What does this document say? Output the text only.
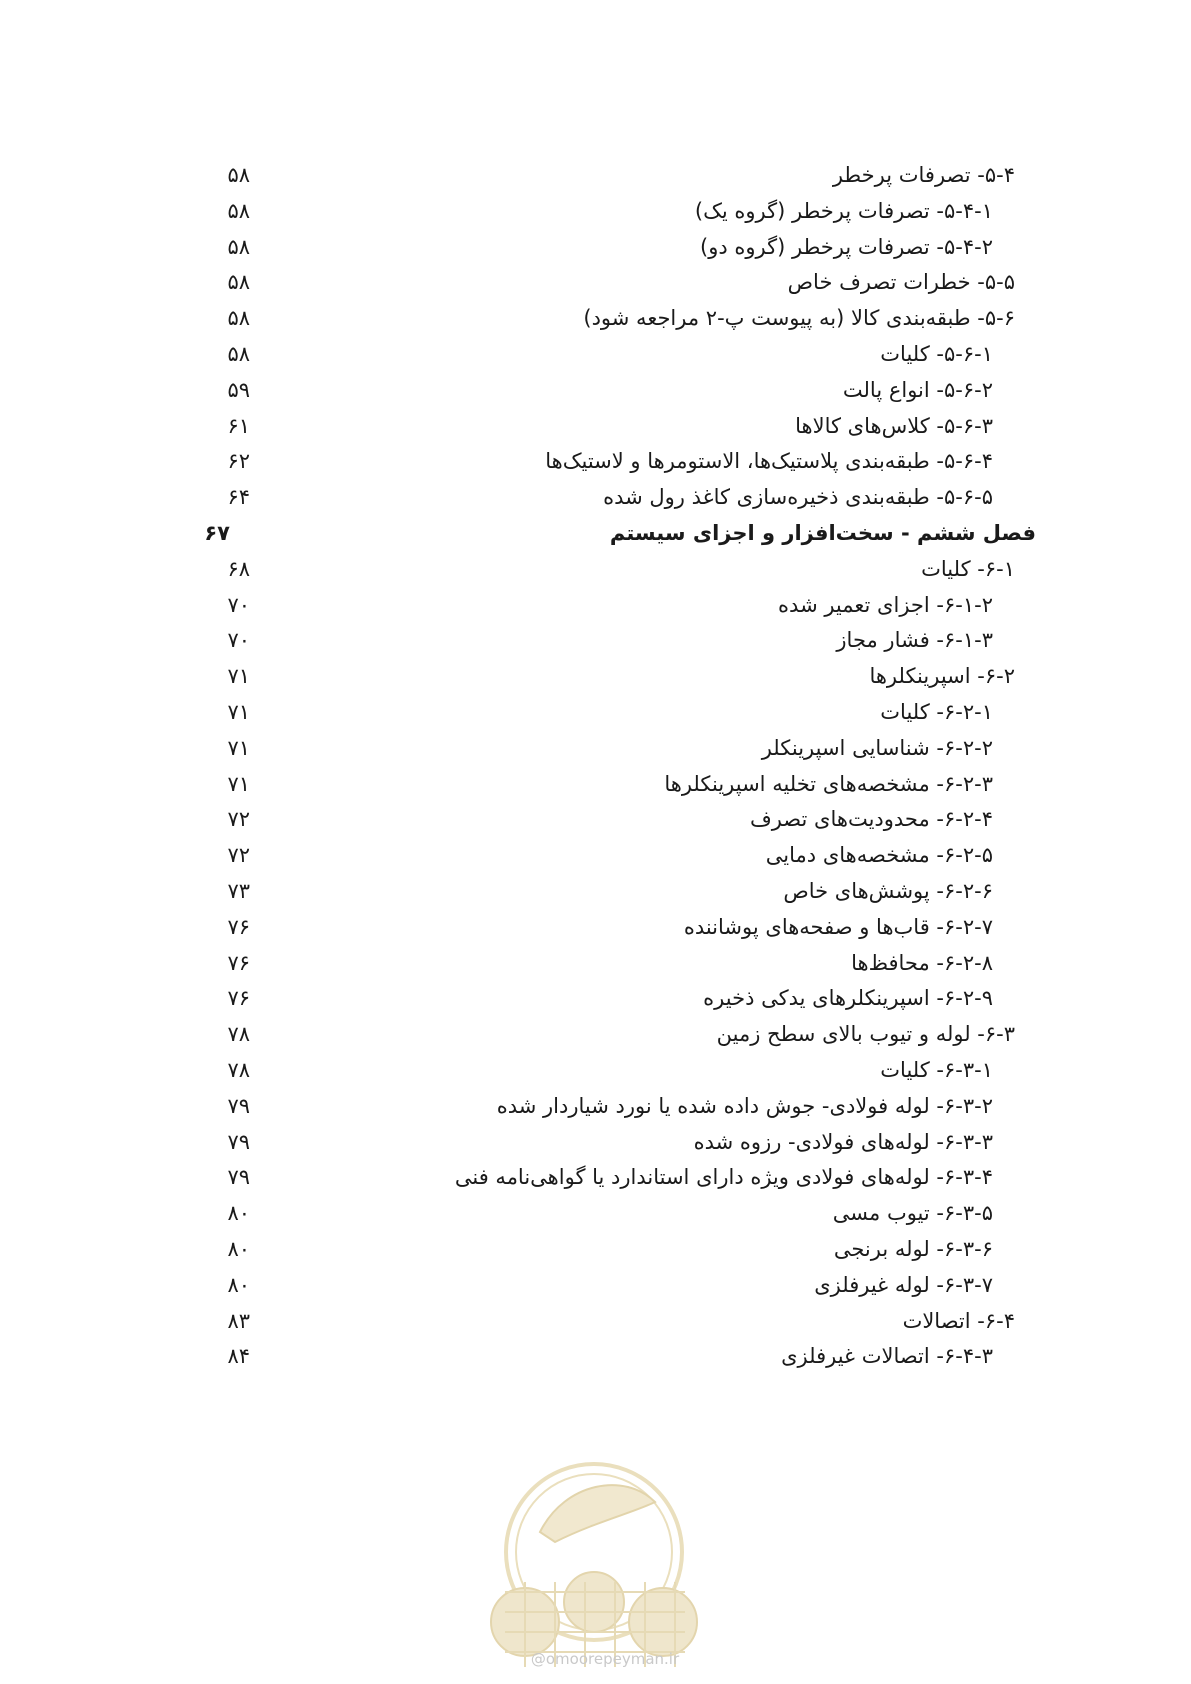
۵-۴- تصرفات پرخطر
۵۸
۵-۴-۱- تصرفات پرخطر (گروه یک)
۵۸
۵-۴-۲- تصرفات پرخطر (گروه دو)
۵۸
۵-۵- خطرات تصرف خاص
۵۸
۵-۶- طبقه‌بندی کالا (به پیوست پ-۲ مراجعه شود)
۵۸
۵-۶-۱- کلیات
۵۸
۵-۶-۲- انواع پالت
۵۹
۵-۶-۳- کلاس‌های کالاها
۶۱
۵-۶-۴- طبقه‌بندی پلاستیک‌ها، الاستومرها و لاستیک‌ها
۶۲
۵-۶-۵- طبقه‌بندی ذخیره‌سازی کاغذ رول شده
۶۴
فصل ششم - سخت‌افزار و اجزای سیستم
۶۷
۶-۱- کلیات
۶۸
۶-۱-۲- اجزای تعمیر شده
۷۰
۶-۱-۳- فشار مجاز
۷۰
۶-۲- اسپرینکلرها
۷۱
۶-۲-۱- کلیات
۷۱
۶-۲-۲- شناسایی اسپرینکلر
۷۱
۶-۲-۳- مشخصه‌های تخلیه اسپرینکلرها
۷۱
۶-۲-۴- محدودیت‌های تصرف
۷۲
۶-۲-۵- مشخصه‌های دمایی
۷۲
۶-۲-۶- پوشش‌های خاص
۷۳
۶-۲-۷- قاب‌ها و صفحه‌های پوشاننده
۷۶
۶-۲-۸- محافظ‌ها
۷۶
۶-۲-۹- اسپرینکلرهای یدکی ذخیره
۷۶
۶-۳- لوله و تیوب بالای سطح زمین
۷۸
۶-۳-۱- کلیات
۷۸
۶-۳-۲- لوله فولادی- جوش داده شده یا نورد شیاردار شده
۷۹
۶-۳-۳- لوله‌های فولادی- رزوه شده
۷۹
۶-۳-۴- لوله‌های فولادی ویژه دارای استاندارد یا گواهی‌نامه فنی
۷۹
۶-۳-۵- تیوب مسی
۸۰
۶-۳-۶- لوله برنجی
۸۰
۶-۳-۷- لوله غیرفلزی
۸۰
۶-۴- اتصالات
۸۳
۶-۴-۳- اتصالات غیرفلزی
۸۴
@omoorepeyman.ir
